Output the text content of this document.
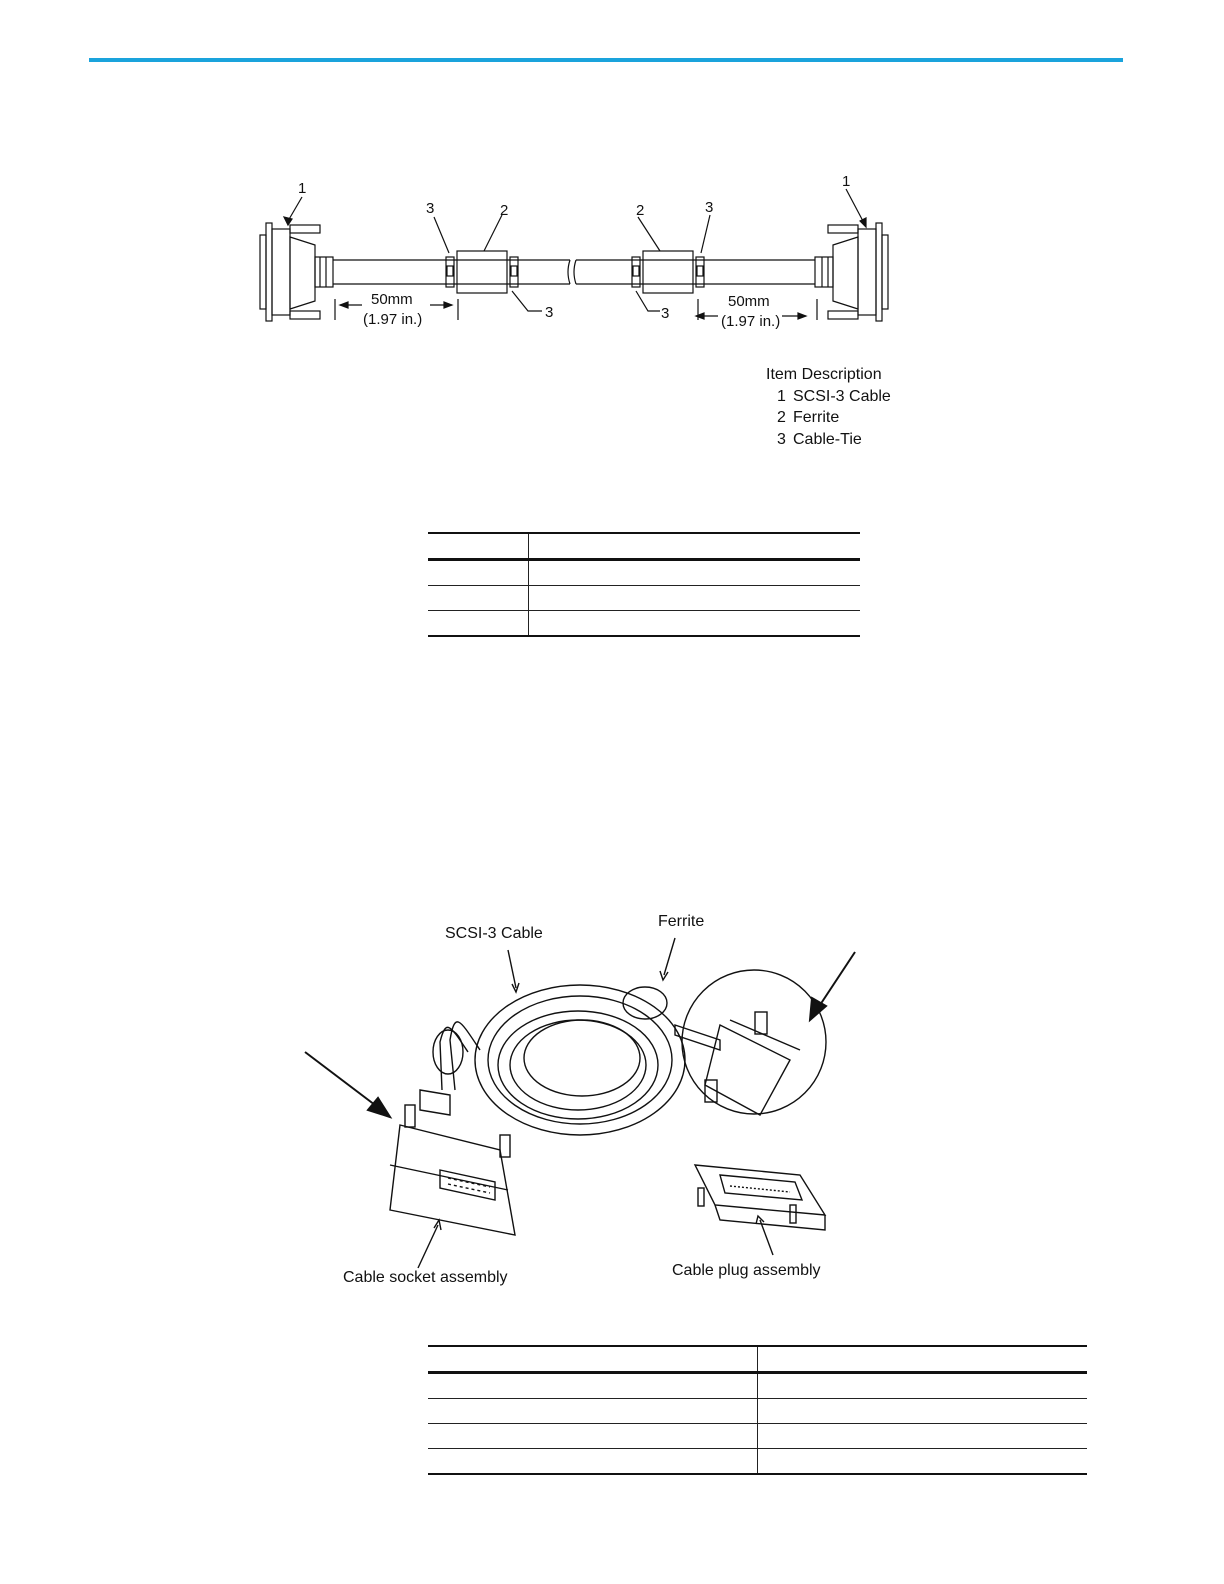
1	1
3	2	2	3
3	3
50mm
(1.97 in.)
50mm
(1.97 in.)
Item Description
1 SCSI-3 Cable
2 Ferrite
3 Cable-Tie

SCSI-3 Cable
Ferrite
Cable socket assembly	Cable plug assembly
